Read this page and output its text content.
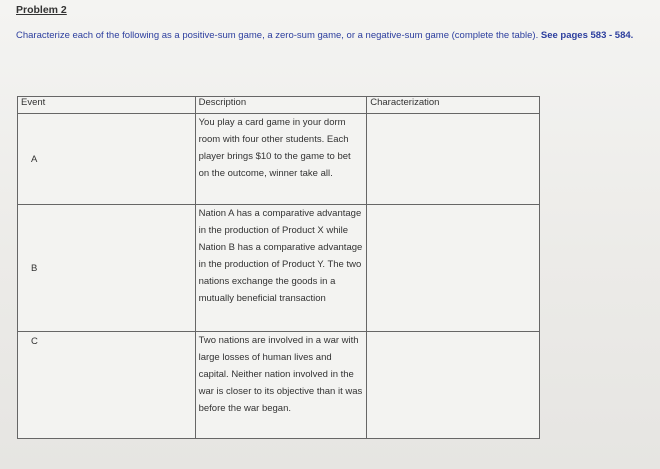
Problem 2
Characterize each of the following as a positive-sum game, a zero-sum game, or a negative-sum game (complete the table). See pages 583 - 584.
Event	Description	Characterization
A	You play a card game in your dorm room with four other students. Each player brings $10 to the game to bet on the outcome, winner take all.	
B	Nation A has a comparative advantage in the production of Product X while Nation B has a comparative advantage in the production of Product Y. The two nations exchange the goods in a mutually beneficial transaction	
C	Two nations are involved in a war with large losses of human lives and capital. Neither nation involved in the war is closer to its objective than it was before the war began.	
